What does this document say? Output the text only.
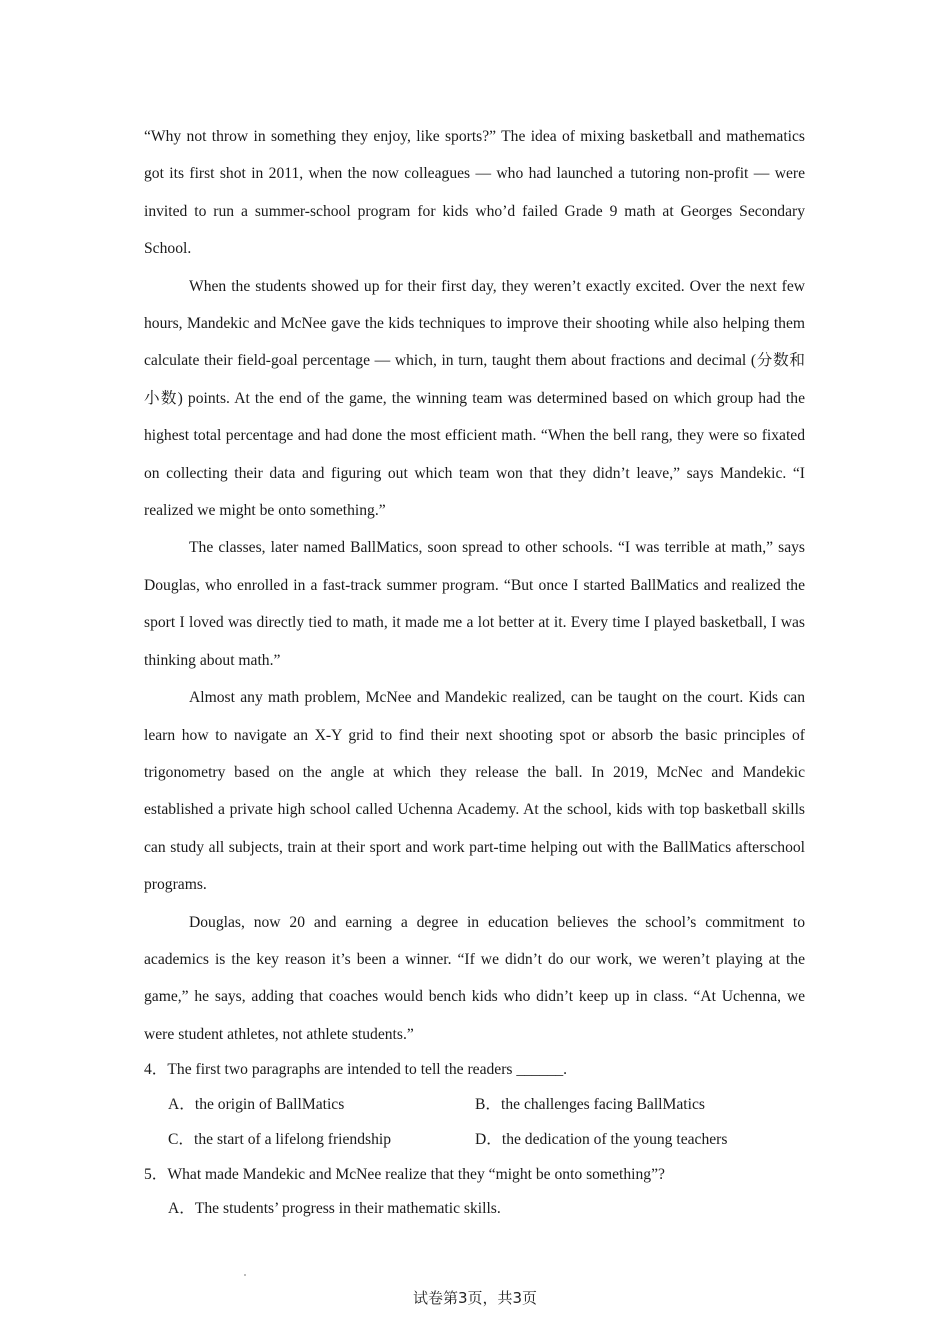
“Why not throw in something they enjoy, like sports?” The idea of mixing basketball and mathematics got its first shot in 2011, when the now colleagues — who had launched a tutoring non-profit — were invited to run a summer-school program for kids who’d failed Grade 9 math at Georges Secondary School.

When the students showed up for their first day, they weren’t exactly excited. Over the next few hours, Mandekic and McNee gave the kids techniques to improve their shooting while also helping them calculate their field-goal percentage — which, in turn, taught them about fractions and decimal (分数和小数) points. At the end of the game, the winning team was determined based on which group had the highest total percentage and had done the most efficient math. “When the bell rang, they were so fixated on collecting their data and figuring out which team won that they didn’t leave,” says Mandekic. “I realized we might be onto something.”

The classes, later named BallMatics, soon spread to other schools. “I was terrible at math,” says Douglas, who enrolled in a fast-track summer program. “But once I started BallMatics and realized the sport I loved was directly tied to math, it made me a lot better at it. Every time I played basketball, I was thinking about math.”

Almost any math problem, McNee and Mandekic realized, can be taught on the court. Kids can learn how to navigate an X-Y grid to find their next shooting spot or absorb the basic principles of trigonometry based on the angle at which they release the ball. In 2019, McNec and Mandekic established a private high school called Uchenna Academy. At the school, kids with top basketball skills can study all subjects, train at their sport and work part-time helping out with the BallMatics afterschool programs.

Douglas, now 20 and earning a degree in education believes the school’s commitment to academics is the key reason it’s been a winner. “If we didn’t do our work, we weren’t playing at the game,” he says, adding that coaches would bench kids who didn’t keep up in class. “At Uchenna, we were student athletes, not athlete students.”

4．The first two paragraphs are intended to tell the readers ______.

A．the origin of BallMatics	B．the challenges facing BallMatics
C．the start of a lifelong friendship	D．the dedication of the young teachers

5．What made Mandekic and McNee realize that they “might be onto something”?

A．The students’ progress in their mathematic skills.
试卷第3页，共3页
